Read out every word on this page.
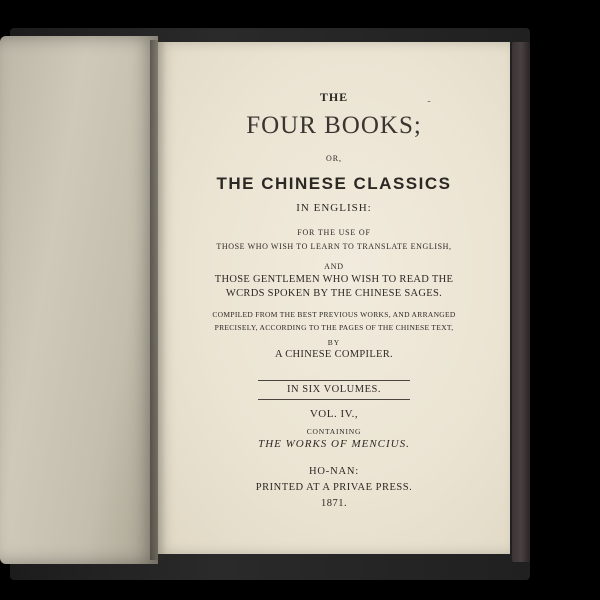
-
THE
FOUR BOOKS;
OR,
THE CHINESE CLASSICS
IN ENGLISH:
FOR THE USE OF
THOSE WHO WISH TO LEARN TO TRANSLATE ENGLISH,
AND
THOSE GENTLEMEN WHO WISH TO READ THE
WCRDS SPOKEN BY THE CHINESE SAGES.
COMPILED FROM THE BEST PREVIOUS WORKS, AND ARRANGED
PRECISELY, ACCORDING TO THE PAGES OF THE CHINESE TEXT,
BY
A CHINESE COMPILER.
IN SIX VOLUMES.
VOL. IV.,
CONTAINING
THE WORKS OF MENCIUS.
HO-NAN:
PRINTED AT A PRIVAE PRESS.
1871.
